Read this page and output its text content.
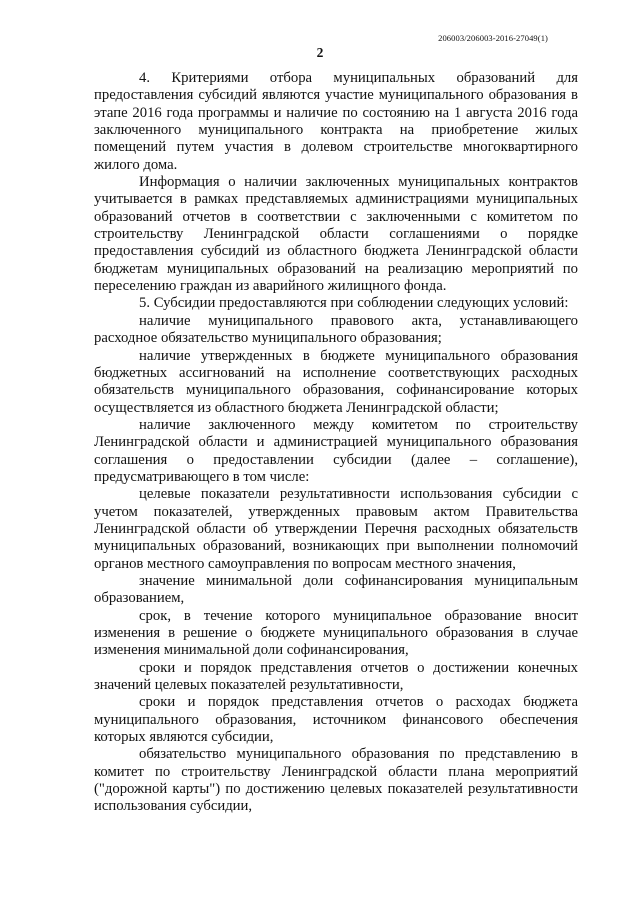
206003/206003-2016-27049(1)
2

4. Критериями отбора муниципальных образований для предоставления субсидий являются участие муниципального образования в этапе 2016 года программы и наличие по состоянию на 1 августа 2016 года заключенного муниципального контракта на приобретение жилых помещений путем участия в долевом строительстве многоквартирного жилого дома.

Информация о наличии заключенных муниципальных контрактов учитывается в рамках представляемых администрациями муниципальных образований отчетов в соответствии с заключенными с комитетом по строительству Ленинградской области соглашениями о порядке предоставления субсидий из областного бюджета Ленинградской области бюджетам муниципальных образований на реализацию мероприятий по переселению граждан из аварийного жилищного фонда.

5. Субсидии предоставляются при соблюдении следующих условий:

наличие муниципального правового акта, устанавливающего расходное обязательство муниципального образования;

наличие утвержденных в бюджете муниципального образования бюджетных ассигнований на исполнение соответствующих расходных обязательств муниципального образования, софинансирование которых осуществляется из областного бюджета Ленинградской области;

наличие заключенного между комитетом по строительству Ленинградской области и администрацией муниципального образования соглашения о предоставлении субсидии (далее – соглашение), предусматривающего в том числе:

целевые показатели результативности использования субсидии с учетом показателей, утвержденных правовым актом Правительства Ленинградской области об утверждении Перечня расходных обязательств муниципальных образований, возникающих при выполнении полномочий органов местного самоуправления по вопросам местного значения,

значение минимальной доли софинансирования муниципальным образованием,

срок, в течение которого муниципальное образование вносит изменения в решение о бюджете муниципального образования в случае изменения минимальной доли софинансирования,

сроки и порядок представления отчетов о достижении конечных значений целевых показателей результативности,

сроки и порядок представления отчетов о расходах бюджета муниципального образования, источником финансового обеспечения которых являются субсидии,

обязательство муниципального образования по представлению в комитет по строительству Ленинградской области плана мероприятий ("дорожной карты") по достижению целевых показателей результативности использования субсидии,
